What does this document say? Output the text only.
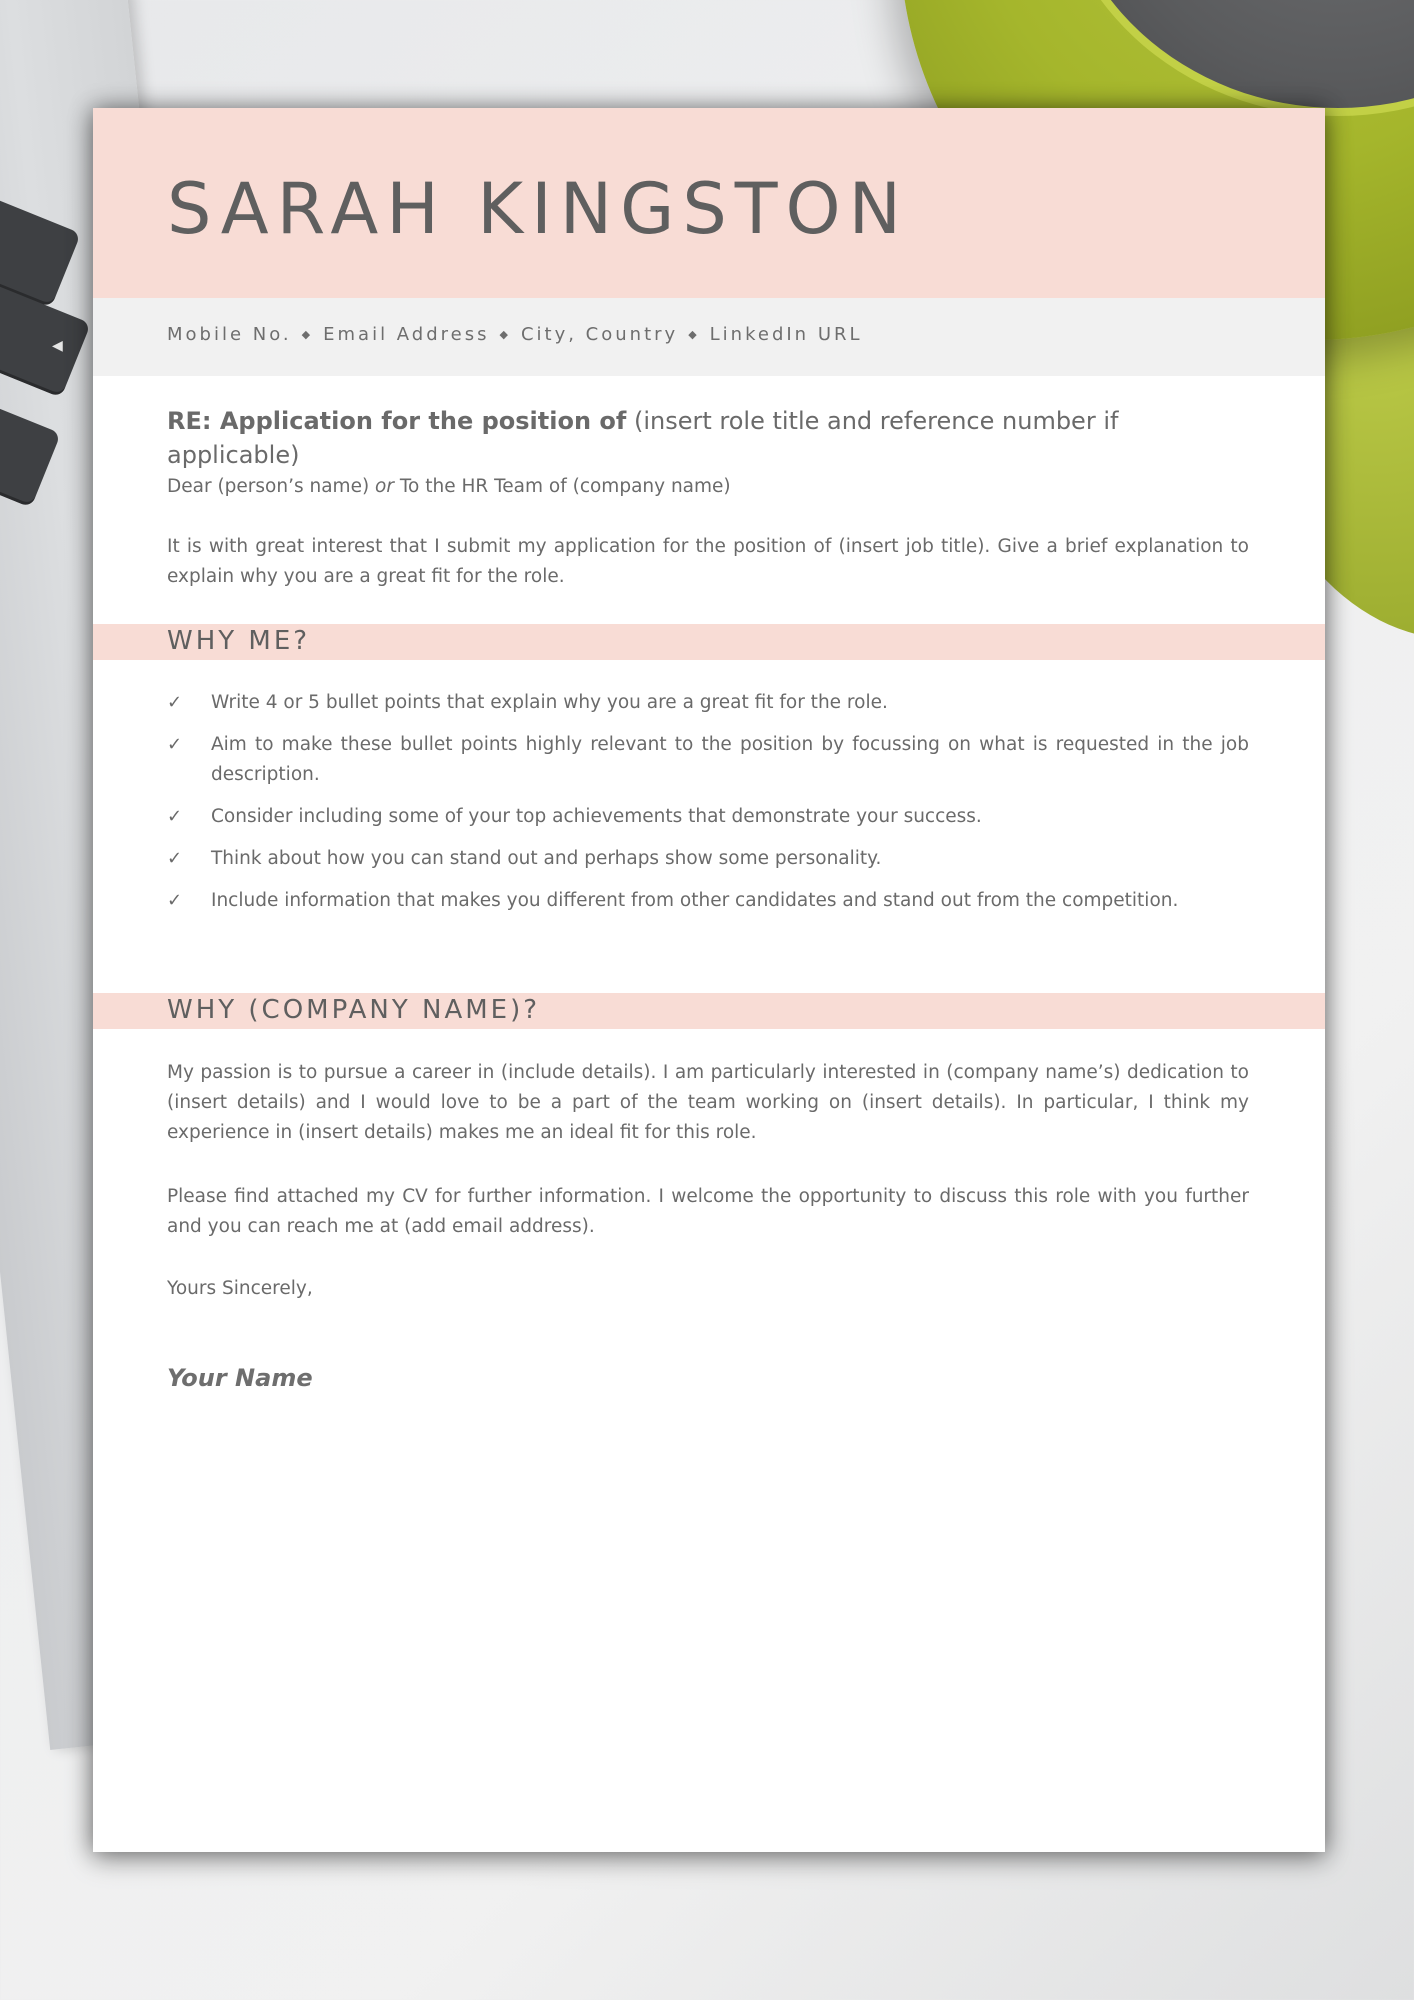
◀
SARAH KINGSTON
Mobile No. ◆ Email Address ◆ City, Country ◆ LinkedIn URL
RE: Application for the position of (insert role title and reference number if applicable)
Dear (person’s name) or To the HR Team of (company name)
It is with great interest that I submit my application for the position of (insert job title). Give a brief explanation to explain why you are a great fit for the role.
WHY ME?
✓ Write 4 or 5 bullet points that explain why you are a great fit for the role.
✓ Aim to make these bullet points highly relevant to the position by focussing on what is requested in the job description.
✓ Consider including some of your top achievements that demonstrate your success.
✓ Think about how you can stand out and perhaps show some personality.
✓ Include information that makes you different from other candidates and stand out from the competition.
WHY (COMPANY NAME)?
My passion is to pursue a career in (include details). I am particularly interested in (company name’s) dedication to (insert details) and I would love to be a part of the team working on (insert details). In particular, I think my experience in (insert details) makes me an ideal fit for this role.
Please find attached my CV for further information. I welcome the opportunity to discuss this role with you further and you can reach me at (add email address).
Yours Sincerely,
Your Name
